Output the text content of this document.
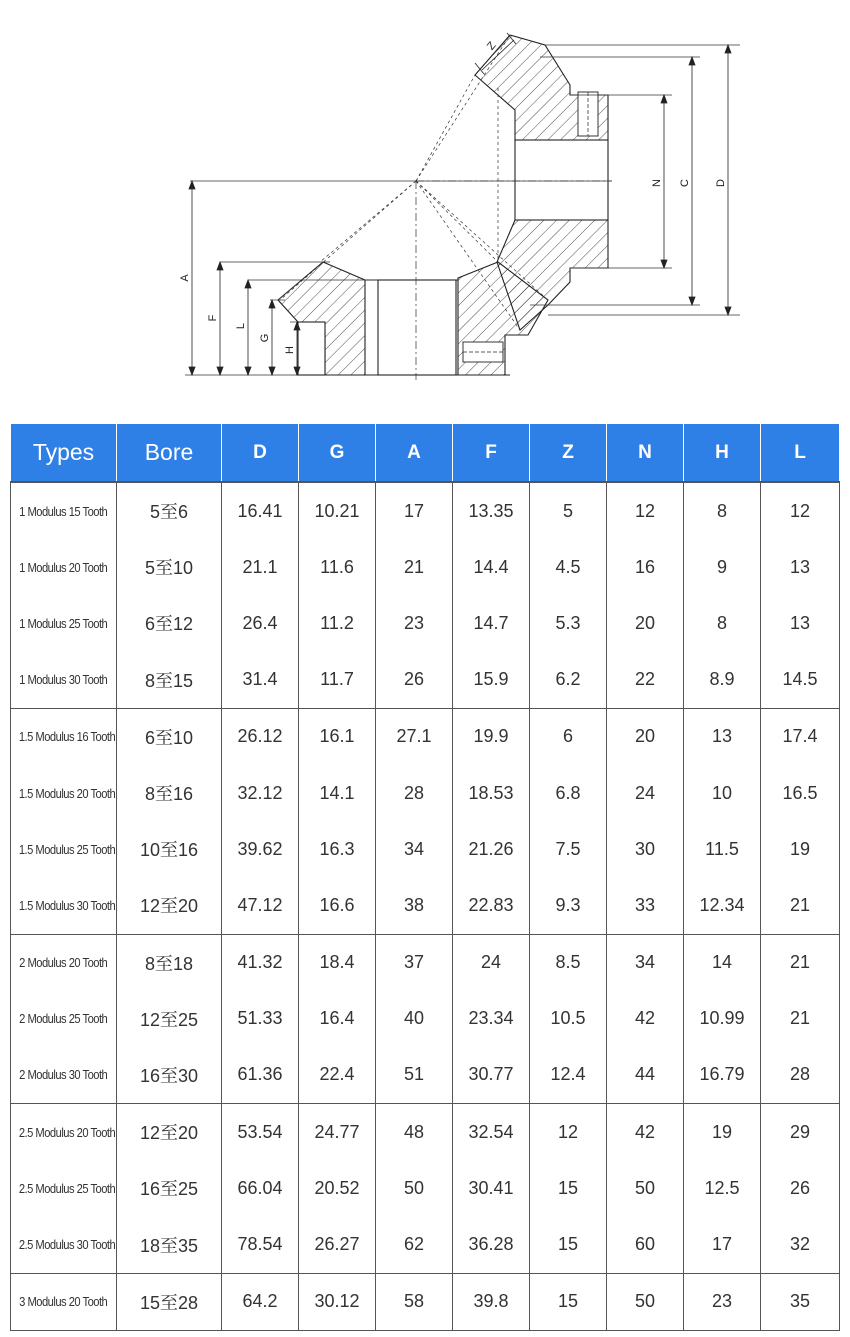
A
F
L
G
H
Z
N C D
Types	Bore	D	G	A	F	Z	N	H	L
1 Modulus 15 Tooth	5至6	16.41	10.21	17	13.35	5	12	8	12
1 Modulus 20 Tooth	5至10	21.1	11.6	21	14.4	4.5	16	9	13
1 Modulus 25 Tooth	6至12	26.4	11.2	23	14.7	5.3	20	8	13
1 Modulus 30 Tooth	8至15	31.4	11.7	26	15.9	6.2	22	8.9	14.5
1.5 Modulus 16 Tooth	6至10	26.12	16.1	27.1	19.9	6	20	13	17.4
1.5 Modulus 20 Tooth	8至16	32.12	14.1	28	18.53	6.8	24	10	16.5
1.5 Modulus 25 Tooth	10至16	39.62	16.3	34	21.26	7.5	30	11.5	19
1.5 Modulus 30 Tooth	12至20	47.12	16.6	38	22.83	9.3	33	12.34	21
2 Modulus 20 Tooth	8至18	41.32	18.4	37	24	8.5	34	14	21
2 Modulus 25 Tooth	12至25	51.33	16.4	40	23.34	10.5	42	10.99	21
2 Modulus 30 Tooth	16至30	61.36	22.4	51	30.77	12.4	44	16.79	28
2.5 Modulus 20 Tooth	12至20	53.54	24.77	48	32.54	12	42	19	29
2.5 Modulus 25 Tooth	16至25	66.04	20.52	50	30.41	15	50	12.5	26
2.5 Modulus 30 Tooth	18至35	78.54	26.27	62	36.28	15	60	17	32
3 Modulus 20 Tooth	15至28	64.2	30.12	58	39.8	15	50	23	35
